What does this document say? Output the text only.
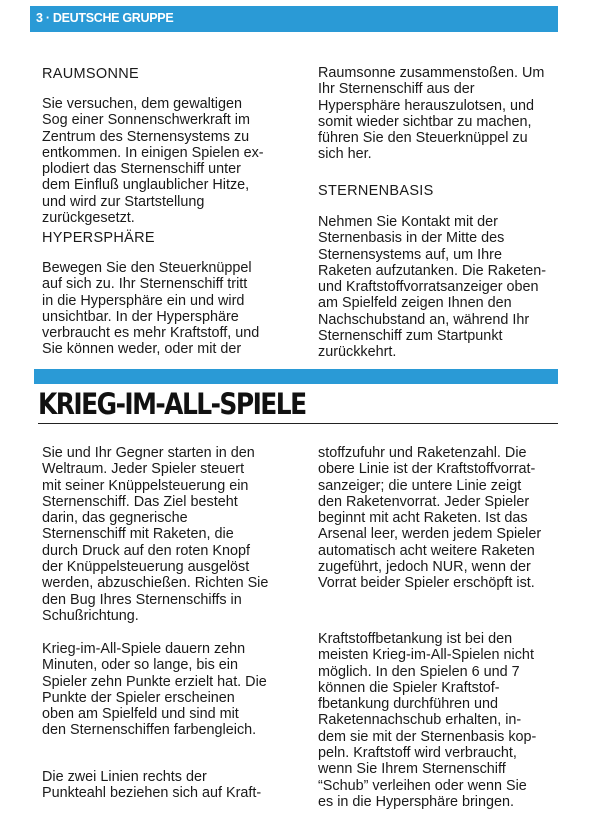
3 · DEUTSCHE GRUPPE
RAUMSONNE
Sie versuchen, dem gewaltigen
Sog einer Sonnenschwerkraft im
Zentrum des Sternensystems zu
entkommen. In einigen Spielen ex-
plodiert das Sternenschiff unter
dem Einfluß unglaublicher Hitze,
und wird zur Startstellung
zurückgesetzt.
HYPERSPHÄRE
Bewegen Sie den Steuerknüppel
auf sich zu. Ihr Sternenschiff tritt
in die Hypersphäre ein und wird
unsichtbar. In der Hypersphäre
verbraucht es mehr Kraftstoff, und
Sie können weder, oder mit der
Raumsonne zusammenstoßen. Um
Ihr Sternenschiff aus der
Hypersphäre herauszulotsen, und
somit wieder sichtbar zu machen,
führen Sie den Steuerknüppel zu
sich her.
STERNENBASIS
Nehmen Sie Kontakt mit der
Sternenbasis in der Mitte des
Sternensystems auf, um Ihre
Raketen aufzutanken. Die Raketen-
und Kraftstoffvorratsanzeiger oben
am Spielfeld zeigen Ihnen den
Nachschubstand an, während Ihr
Sternenschiff zum Startpunkt
zurückkehrt.
KRIEG-IM-ALL-SPIELE
Sie und Ihr Gegner starten in den
Weltraum. Jeder Spieler steuert
mit seiner Knüppelsteuerung ein
Sternenschiff. Das Ziel besteht
darin, das gegnerische
Sternenschiff mit Raketen, die
durch Druck auf den roten Knopf
der Knüppelsteuerung ausgelöst
werden, abzuschießen. Richten Sie
den Bug Ihres Sternenschiffs in
Schußrichtung.
Krieg-im-All-Spiele dauern zehn
Minuten, oder so lange, bis ein
Spieler zehn Punkte erzielt hat. Die
Punkte der Spieler erscheinen
oben am Spielfeld und sind mit
den Sternenschiffen farbengleich.
Die zwei Linien rechts der
Punkteahl beziehen sich auf Kraft-
stoffzufuhr und Raketenzahl. Die
obere Linie ist der Kraftstoffvorrat-
sanzeiger; die untere Linie zeigt
den Raketenvorrat. Jeder Spieler
beginnt mit acht Raketen. Ist das
Arsenal leer, werden jedem Spieler
automatisch acht weitere Raketen
zugeführt, jedoch NUR, wenn der
Vorrat beider Spieler erschöpft ist.
Kraftstoffbetankung ist bei den
meisten Krieg-im-All-Spielen nicht
möglich. In den Spielen 6 und 7
können die Spieler Kraftstof-
fbetankung durchführen und
Raketennachschub erhalten, in-
dem sie mit der Sternenbasis kop-
peln. Kraftstoff wird verbraucht,
wenn Sie Ihrem Sternenschiff
“Schub” verleihen oder wenn Sie
es in die Hypersphäre bringen.
